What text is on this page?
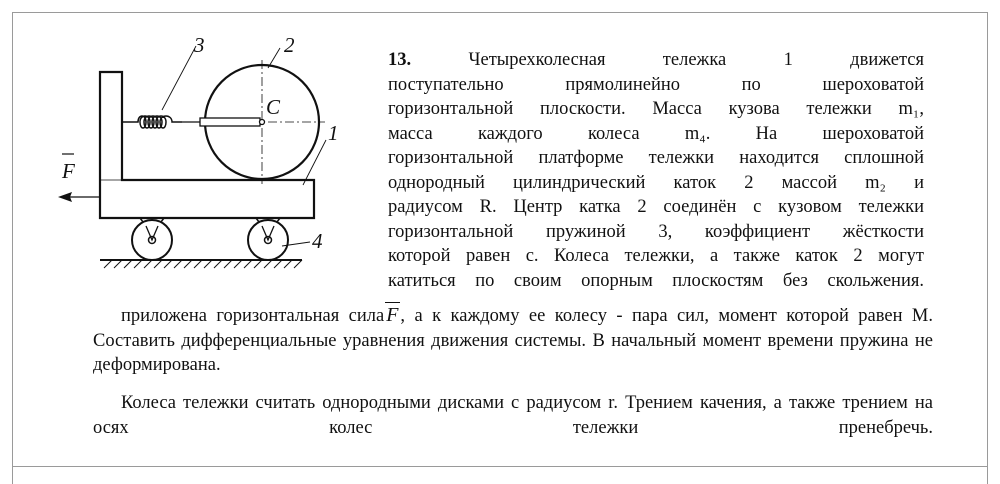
F
3	2
C
1
4

13.	Четырехколесная тележка 1 движется
поступательно прямолинейно по шероховатой
горизонтальной плоскости. Масса кузова тележки m₁,
масса каждого колеса m₄. На шероховатой
горизонтальной платформе тележки находится сплошной
однородный цилиндрический каток 2 массой m₂ и
радиусом R. Центр катка 2 соединён с кузовом тележки
горизонтальной пружиной 3, коэффициент жёсткости
которой равен c. Колеса тележки, а также каток 2 могут
катиться по своим опорным плоскостям без скольжения.

приложена горизонтальная сила F , а к каждому ее колесу - пара сил, момент которой равен M. Составить дифференциальные уравнения движения системы. В начальный момент времени пружина не деформирована.

Колеса тележки считать однородными дисками с радиусом r. Трением качения, а также трением на осях колес тележки пренебречь.
